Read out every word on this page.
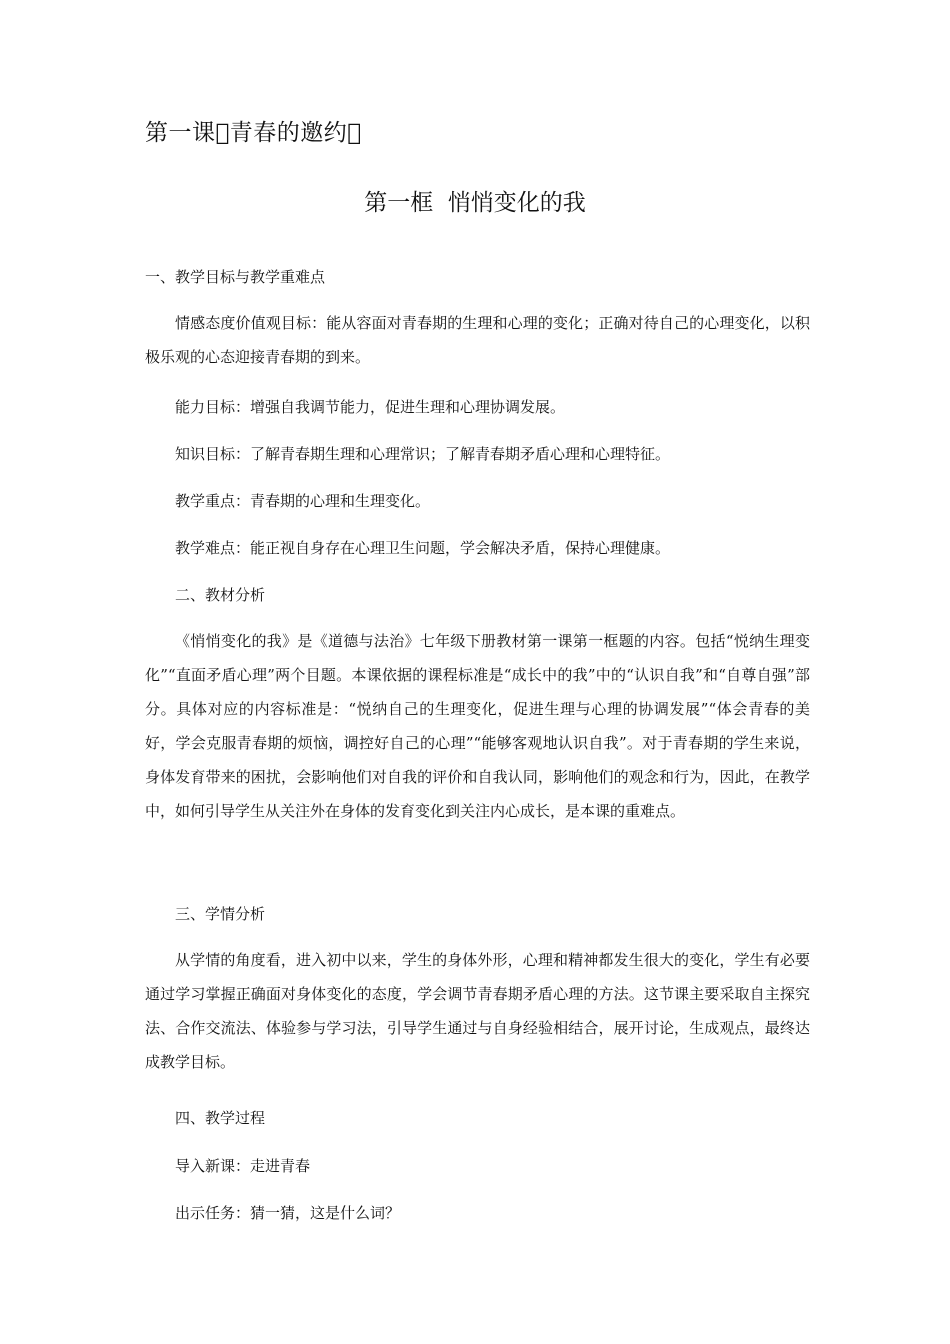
第一课 青春的邀约 
第一框  悄悄变化的我
一、教学目标与教学重难点
情感态度价值观目标：能从容面对青春期的生理和心理的变化；正确对待自己的心理变化，以积极乐观的心态迎接青春期的到来。
能力目标：增强自我调节能力，促进生理和心理协调发展。
知识目标：了解青春期生理和心理常识；了解青春期矛盾心理和心理特征。
教学重点：青春期的心理和生理变化。
教学难点：能正视自身存在心理卫生问题，学会解决矛盾，保持心理健康。
二、教材分析
《悄悄变化的我》是《道德与法治》七年级下册教材第一课第一框题的内容。包括“悦纳生理变化”“直面矛盾心理”两个目题。本课依据的课程标准是“成长中的我”中的“认识自我”和“自尊自强”部分。具体对应的内容标准是：“悦纳自己的生理变化，促进生理与心理的协调发展”“体会青春的美好，学会克服青春期的烦恼，调控好自己的心理”“能够客观地认识自我”。对于青春期的学生来说，身体发育带来的困扰，会影响他们对自我的评价和自我认同，影响他们的观念和行为，因此，在教学中，如何引导学生从关注外在身体的发育变化到关注内心成长，是本课的重难点。
三、学情分析
从学情的角度看，进入初中以来，学生的身体外形，心理和精神都发生很大的变化，学生有必要通过学习掌握正确面对身体变化的态度，学会调节青春期矛盾心理的方法。这节课主要采取自主探究法、合作交流法、体验参与学习法，引导学生通过与自身经验相结合，展开讨论，生成观点，最终达成教学目标。
四、教学过程
导入新课：走进青春
出示任务：猜一猜，这是什么词？
